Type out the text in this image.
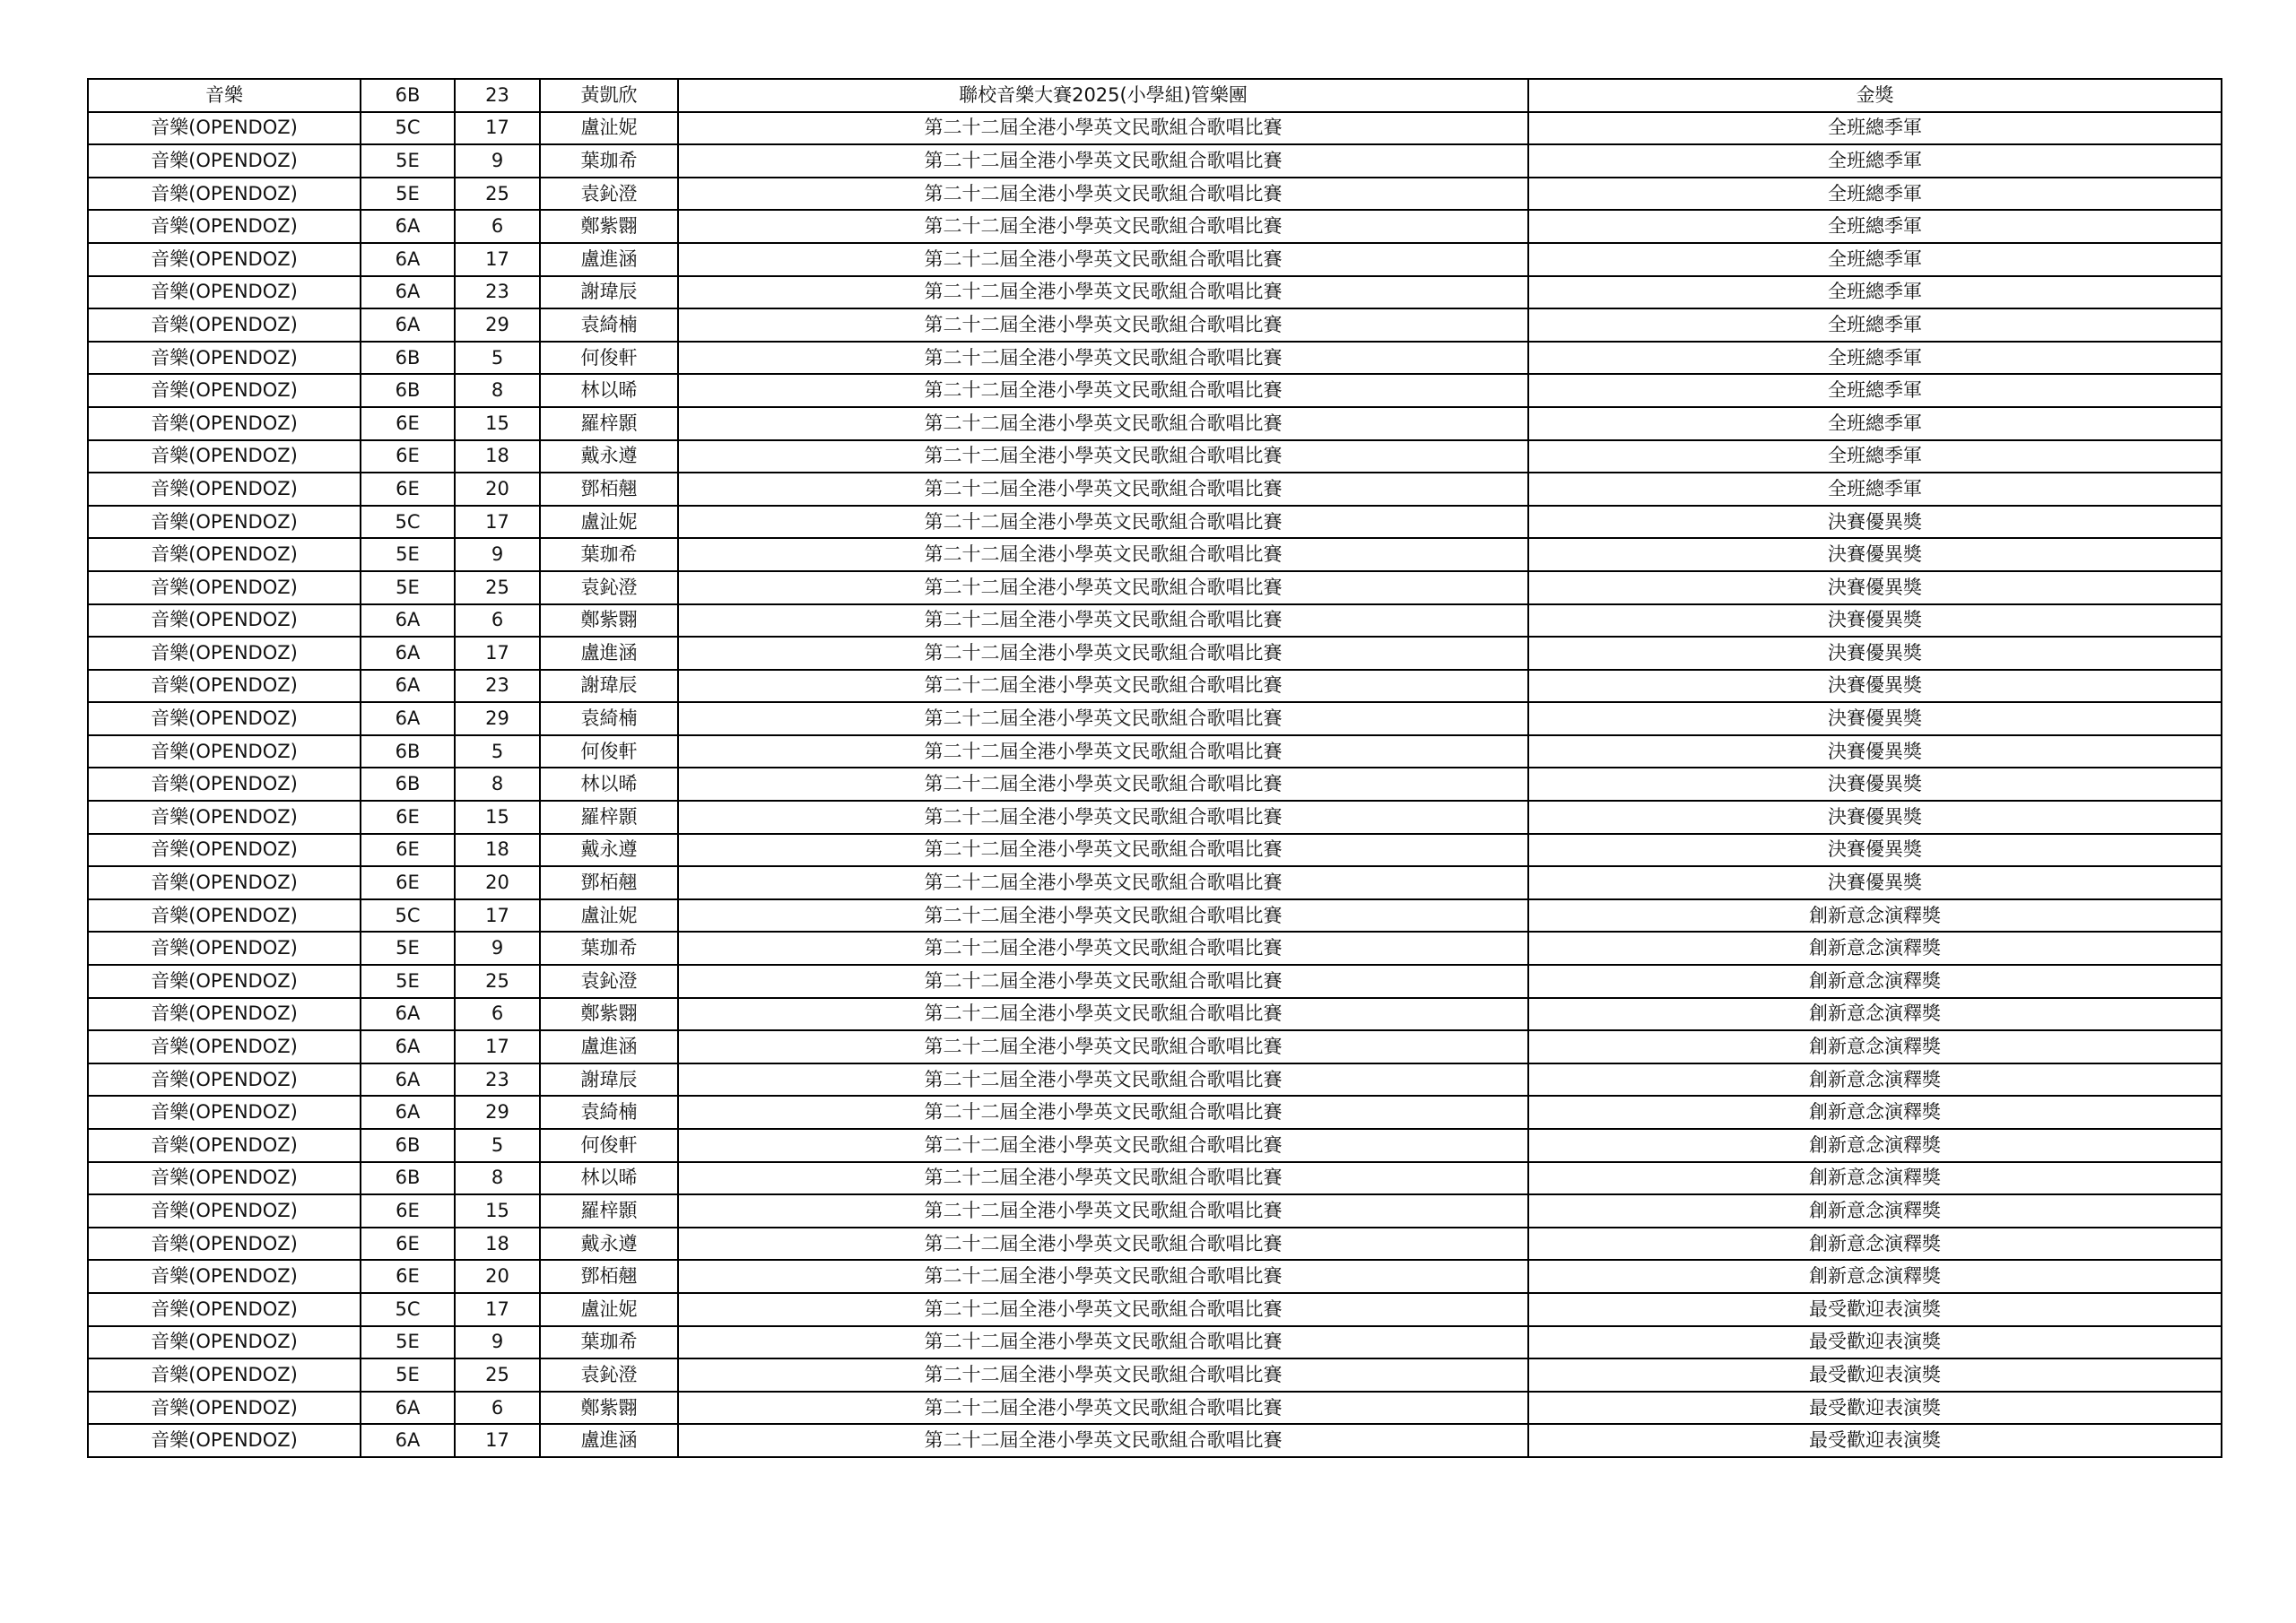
音樂	6B	23	黃凱欣	聯校音樂大賽2025(小學組)管樂團	金獎
音樂(OPENDOZ)	5C	17	盧沚妮	第二十二屆全港小學英文民歌組合歌唱比賽	全班總季軍
音樂(OPENDOZ)	5E	9	葉珈希	第二十二屆全港小學英文民歌組合歌唱比賽	全班總季軍
音樂(OPENDOZ)	5E	25	袁鈊澄	第二十二屆全港小學英文民歌組合歌唱比賽	全班總季軍
音樂(OPENDOZ)	6A	6	鄭紫翾	第二十二屆全港小學英文民歌組合歌唱比賽	全班總季軍
音樂(OPENDOZ)	6A	17	盧進涵	第二十二屆全港小學英文民歌組合歌唱比賽	全班總季軍
音樂(OPENDOZ)	6A	23	謝瑋辰	第二十二屆全港小學英文民歌組合歌唱比賽	全班總季軍
音樂(OPENDOZ)	6A	29	袁綺楠	第二十二屆全港小學英文民歌組合歌唱比賽	全班總季軍
音樂(OPENDOZ)	6B	5	何俊軒	第二十二屆全港小學英文民歌組合歌唱比賽	全班總季軍
音樂(OPENDOZ)	6B	8	林以晞	第二十二屆全港小學英文民歌組合歌唱比賽	全班總季軍
音樂(OPENDOZ)	6E	15	羅梓顥	第二十二屆全港小學英文民歌組合歌唱比賽	全班總季軍
音樂(OPENDOZ)	6E	18	戴永遵	第二十二屆全港小學英文民歌組合歌唱比賽	全班總季軍
音樂(OPENDOZ)	6E	20	鄧栢翹	第二十二屆全港小學英文民歌組合歌唱比賽	全班總季軍
音樂(OPENDOZ)	5C	17	盧沚妮	第二十二屆全港小學英文民歌組合歌唱比賽	決賽優異獎
音樂(OPENDOZ)	5E	9	葉珈希	第二十二屆全港小學英文民歌組合歌唱比賽	決賽優異獎
音樂(OPENDOZ)	5E	25	袁鈊澄	第二十二屆全港小學英文民歌組合歌唱比賽	決賽優異獎
音樂(OPENDOZ)	6A	6	鄭紫翾	第二十二屆全港小學英文民歌組合歌唱比賽	決賽優異獎
音樂(OPENDOZ)	6A	17	盧進涵	第二十二屆全港小學英文民歌組合歌唱比賽	決賽優異獎
音樂(OPENDOZ)	6A	23	謝瑋辰	第二十二屆全港小學英文民歌組合歌唱比賽	決賽優異獎
音樂(OPENDOZ)	6A	29	袁綺楠	第二十二屆全港小學英文民歌組合歌唱比賽	決賽優異獎
音樂(OPENDOZ)	6B	5	何俊軒	第二十二屆全港小學英文民歌組合歌唱比賽	決賽優異獎
音樂(OPENDOZ)	6B	8	林以晞	第二十二屆全港小學英文民歌組合歌唱比賽	決賽優異獎
音樂(OPENDOZ)	6E	15	羅梓顥	第二十二屆全港小學英文民歌組合歌唱比賽	決賽優異獎
音樂(OPENDOZ)	6E	18	戴永遵	第二十二屆全港小學英文民歌組合歌唱比賽	決賽優異獎
音樂(OPENDOZ)	6E	20	鄧栢翹	第二十二屆全港小學英文民歌組合歌唱比賽	決賽優異獎
音樂(OPENDOZ)	5C	17	盧沚妮	第二十二屆全港小學英文民歌組合歌唱比賽	創新意念演釋獎
音樂(OPENDOZ)	5E	9	葉珈希	第二十二屆全港小學英文民歌組合歌唱比賽	創新意念演釋獎
音樂(OPENDOZ)	5E	25	袁鈊澄	第二十二屆全港小學英文民歌組合歌唱比賽	創新意念演釋獎
音樂(OPENDOZ)	6A	6	鄭紫翾	第二十二屆全港小學英文民歌組合歌唱比賽	創新意念演釋獎
音樂(OPENDOZ)	6A	17	盧進涵	第二十二屆全港小學英文民歌組合歌唱比賽	創新意念演釋獎
音樂(OPENDOZ)	6A	23	謝瑋辰	第二十二屆全港小學英文民歌組合歌唱比賽	創新意念演釋獎
音樂(OPENDOZ)	6A	29	袁綺楠	第二十二屆全港小學英文民歌組合歌唱比賽	創新意念演釋獎
音樂(OPENDOZ)	6B	5	何俊軒	第二十二屆全港小學英文民歌組合歌唱比賽	創新意念演釋獎
音樂(OPENDOZ)	6B	8	林以晞	第二十二屆全港小學英文民歌組合歌唱比賽	創新意念演釋獎
音樂(OPENDOZ)	6E	15	羅梓顥	第二十二屆全港小學英文民歌組合歌唱比賽	創新意念演釋獎
音樂(OPENDOZ)	6E	18	戴永遵	第二十二屆全港小學英文民歌組合歌唱比賽	創新意念演釋獎
音樂(OPENDOZ)	6E	20	鄧栢翹	第二十二屆全港小學英文民歌組合歌唱比賽	創新意念演釋獎
音樂(OPENDOZ)	5C	17	盧沚妮	第二十二屆全港小學英文民歌組合歌唱比賽	最受歡迎表演獎
音樂(OPENDOZ)	5E	9	葉珈希	第二十二屆全港小學英文民歌組合歌唱比賽	最受歡迎表演獎
音樂(OPENDOZ)	5E	25	袁鈊澄	第二十二屆全港小學英文民歌組合歌唱比賽	最受歡迎表演獎
音樂(OPENDOZ)	6A	6	鄭紫翾	第二十二屆全港小學英文民歌組合歌唱比賽	最受歡迎表演獎
音樂(OPENDOZ)	6A	17	盧進涵	第二十二屆全港小學英文民歌組合歌唱比賽	最受歡迎表演獎
